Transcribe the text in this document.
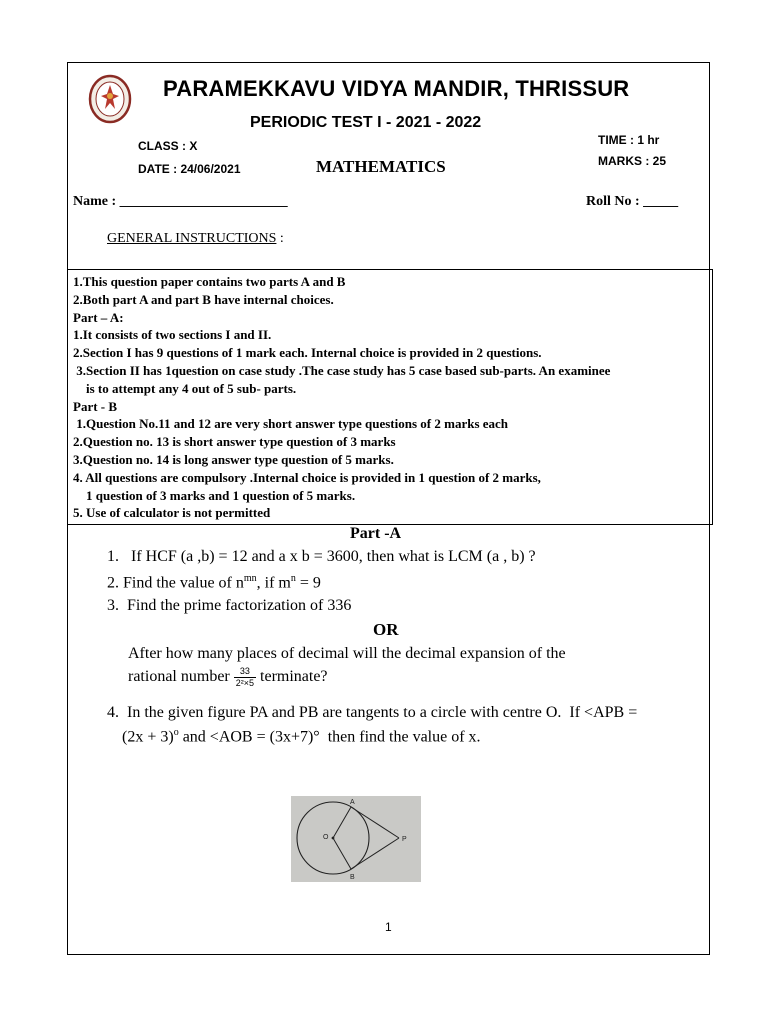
PARAMEKKAVU VIDYA MANDIR, THRISSUR
PERIODIC TEST I - 2021 - 2022
CLASS : X
DATE : 24/06/2021	MATHEMATICS
TIME : 1 hr
MARKS : 25
Name : ________________________	Roll No : _____
GENERAL INSTRUCTIONS :
1.This question paper contains two parts A and B
2.Both part A and part B have internal choices.
Part – A:
1.It consists of two sections I and II.
2.Section I has 9 questions of 1 mark each. Internal choice is provided in 2 questions.
3.Section II has 1question on case study .The case study has 5 case based sub-parts. An examinee
is to attempt any 4 out of 5 sub- parts.
Part - B
1.Question No.11 and 12 are very short answer type questions of 2 marks each
2.Question no. 13 is short answer type question of 3 marks
3.Question no. 14 is long answer type question of 5 marks.
4. All questions are compulsory .Internal choice is provided in 1 question of 2 marks,
1 question of 3 marks and 1 question of 5 marks.
5. Use of calculator is not permitted
Part -A
1.   If HCF (a ,b) = 12 and a x b = 3600, then what is LCM (a , b) ?
2. Find the value of $n^{mn}$, if $m^n = 9$
3.  Find the prime factorization of 336
OR
After how many places of decimal will the decimal expansion of the
rational number $\frac{33}{\text{2²×5}}$ terminate?
4.  In the given figure PA and PB are tangents to a circle with centre O.  If <APB =
$(2x + 3)^o$ and <AOB = (3x+7)°  then find the value of x.
A
O	P
B
1
